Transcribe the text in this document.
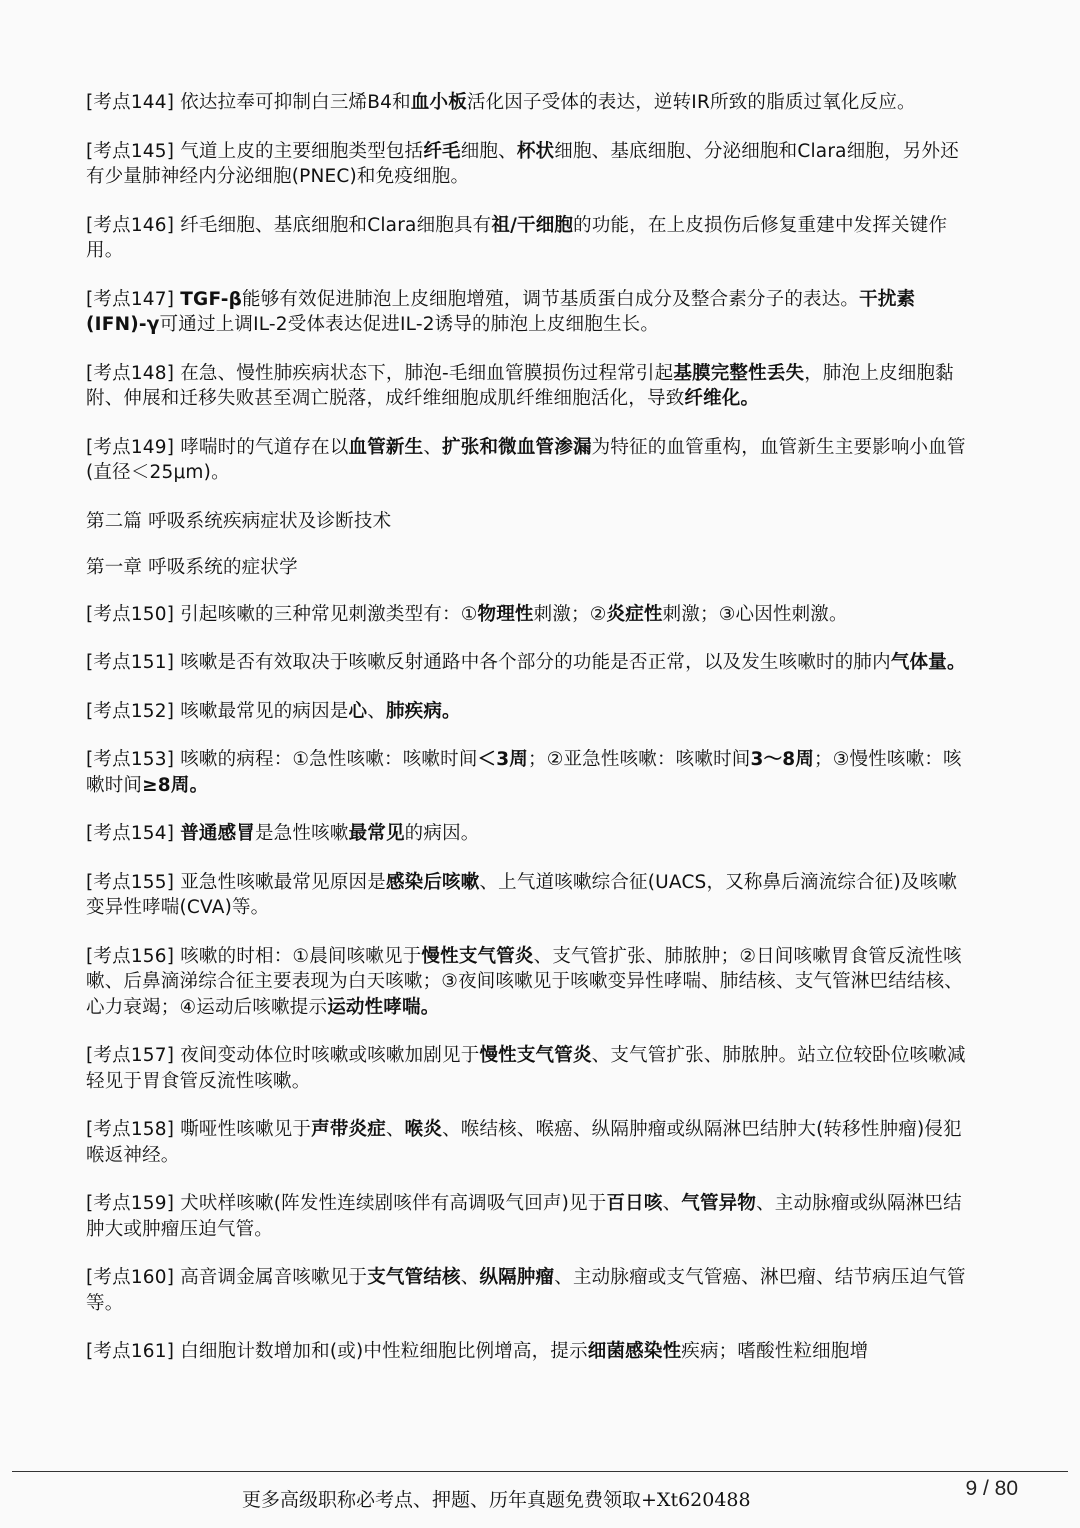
[考点144] 依达拉奉可抑制白三烯B4和血小板活化因子受体的表达，逆转IR所致的脂质过氧化反应。
[考点145] 气道上皮的主要细胞类型包括纤毛细胞、杯状细胞、基底细胞、分泌细胞和Clara细胞，另外还有少量肺神经内分泌细胞(PNEC)和免疫细胞。
[考点146] 纤毛细胞、基底细胞和Clara细胞具有祖/干细胞的功能，在上皮损伤后修复重建中发挥关键作用。
[考点147] TGF-β能够有效促进肺泡上皮细胞增殖，调节基质蛋白成分及整合素分子的表达。干扰素(IFN)-γ可通过上调IL-2受体表达促进IL-2诱导的肺泡上皮细胞生长。
[考点148] 在急、慢性肺疾病状态下，肺泡-毛细血管膜损伤过程常引起基膜完整性丢失，肺泡上皮细胞黏附、伸展和迁移失败甚至凋亡脱落，成纤维细胞成肌纤维细胞活化，导致纤维化。
[考点149] 哮喘时的气道存在以血管新生、扩张和微血管渗漏为特征的血管重构，血管新生主要影响小血管(直径＜25μm)。
第二篇 呼吸系统疾病症状及诊断技术
第一章 呼吸系统的症状学
[考点150] 引起咳嗽的三种常见刺激类型有：①物理性刺激；②炎症性刺激；③心因性刺激。
[考点151] 咳嗽是否有效取决于咳嗽反射通路中各个部分的功能是否正常，以及发生咳嗽时的肺内气体量。
[考点152] 咳嗽最常见的病因是心、肺疾病。
[考点153] 咳嗽的病程：①急性咳嗽：咳嗽时间＜3周；②亚急性咳嗽：咳嗽时间3～8周；③慢性咳嗽：咳嗽时间≥8周。
[考点154] 普通感冒是急性咳嗽最常见的病因。
[考点155] 亚急性咳嗽最常见原因是感染后咳嗽、上气道咳嗽综合征(UACS，又称鼻后滴流综合征)及咳嗽变异性哮喘(CVA)等。
[考点156] 咳嗽的时相：①晨间咳嗽见于慢性支气管炎、支气管扩张、肺脓肿；②日间咳嗽胃食管反流性咳嗽、后鼻滴涕综合征主要表现为白天咳嗽；③夜间咳嗽见于咳嗽变异性哮喘、肺结核、支气管淋巴结结核、心力衰竭；④运动后咳嗽提示运动性哮喘。
[考点157] 夜间变动体位时咳嗽或咳嗽加剧见于慢性支气管炎、支气管扩张、肺脓肿。站立位较卧位咳嗽减轻见于胃食管反流性咳嗽。
[考点158] 嘶哑性咳嗽见于声带炎症、喉炎、喉结核、喉癌、纵隔肿瘤或纵隔淋巴结肿大(转移性肿瘤)侵犯喉返神经。
[考点159] 犬吠样咳嗽(阵发性连续剧咳伴有高调吸气回声)见于百日咳、气管异物、主动脉瘤或纵隔淋巴结肿大或肿瘤压迫气管。
[考点160] 高音调金属音咳嗽见于支气管结核、纵隔肿瘤、主动脉瘤或支气管癌、淋巴瘤、结节病压迫气管等。
[考点161] 白细胞计数增加和(或)中性粒细胞比例增高，提示细菌感染性疾病；嗜酸性粒细胞增
更多高级职称必考点、押题、历年真题免费领取+Xt620488	9 / 80
